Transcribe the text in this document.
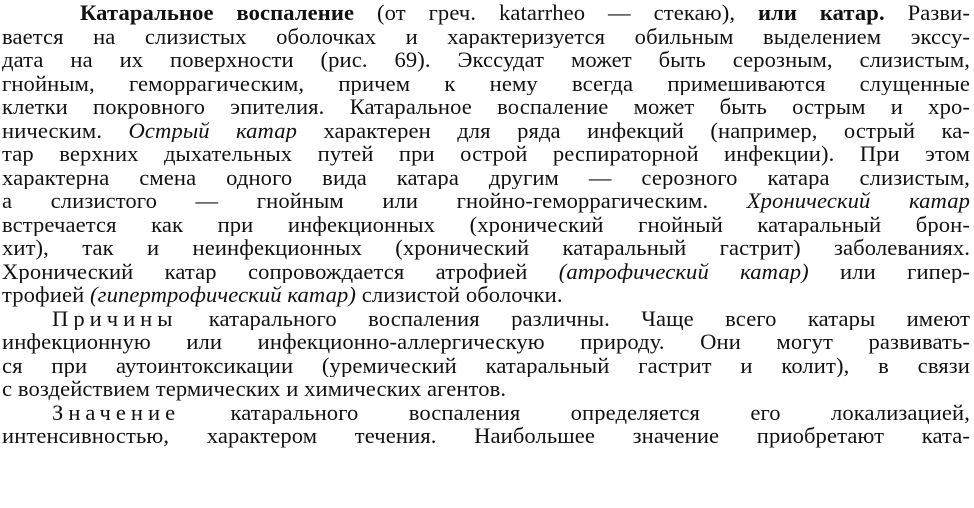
Катаральное воспаление (от греч. katarrheo — стекаю), или катар. Разви-
вается на слизистых оболочках и характеризуется обильным выделением экссу-
дата на их поверхности (рис. 69). Экссудат может быть серозным, слизистым,
гнойным, геморрагическим, причем к нему всегда примешиваются слущенные
клетки покровного эпителия. Катаральное воспаление может быть острым и хро-
ническим. Острый катар характерен для ряда инфекций (например, острый ка-
тар верхних дыхательных путей при острой респираторной инфекции). При этом
характерна смена одного вида катара другим — серозного катара слизистым,
а слизистого — гнойным или гнойно-геморрагическим. Хронический катар
встречается как при инфекционных (хронический гнойный катаральный брон-
хит), так и неинфекционных (хронический катаральный гастрит) заболеваниях.
Хронический катар сопровождается атрофией (атрофический катар) или гипер-
трофией (гипертрофический катар) слизистой оболочки.
Причины катарального воспаления различны. Чаще всего катары имеют
инфекционную или инфекционно-аллергическую природу. Они могут развивать-
ся при аутоинтоксикации (уремический катаральный гастрит и колит), в связи
с воздействием термических и химических агентов.
Значение катарального воспаления определяется его локализацией,
интенсивностью, характером течения. Наибольшее значение приобретают ката-
